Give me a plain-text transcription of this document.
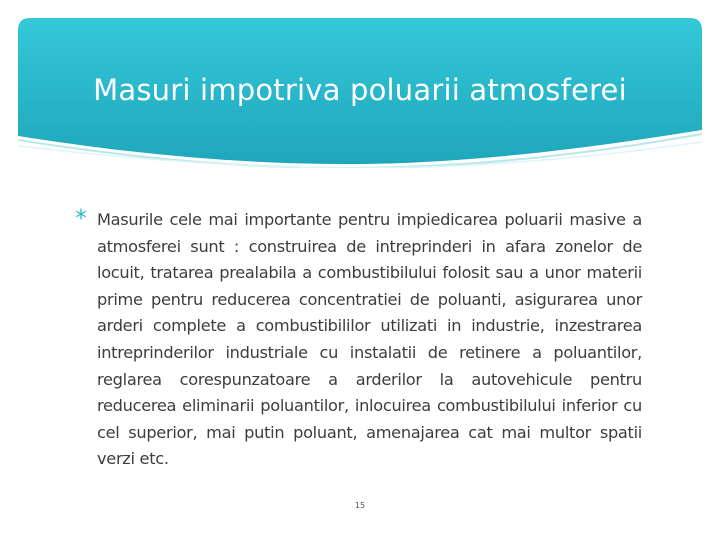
Masuri impotriva poluarii atmosferei

Masurile cele mai importante pentru impiedicarea poluarii masive a atmosferei sunt : construirea de intreprinderi in afara zonelor de locuit, tratarea prealabila a combustibilului folosit sau a unor materii prime pentru reducerea concentratiei de poluanti, asigurarea unor arderi complete a combustibililor utilizati in industrie, inzestrarea intreprinderilor industriale cu instalatii de retinere a poluantilor, reglarea corespunzatoare a arderilor la autovehicule pentru reducerea eliminarii poluantilor, inlocuirea combustibilului inferior cu cel superior, mai putin poluant, amenajarea cat mai multor spatii verzi etc.

15
